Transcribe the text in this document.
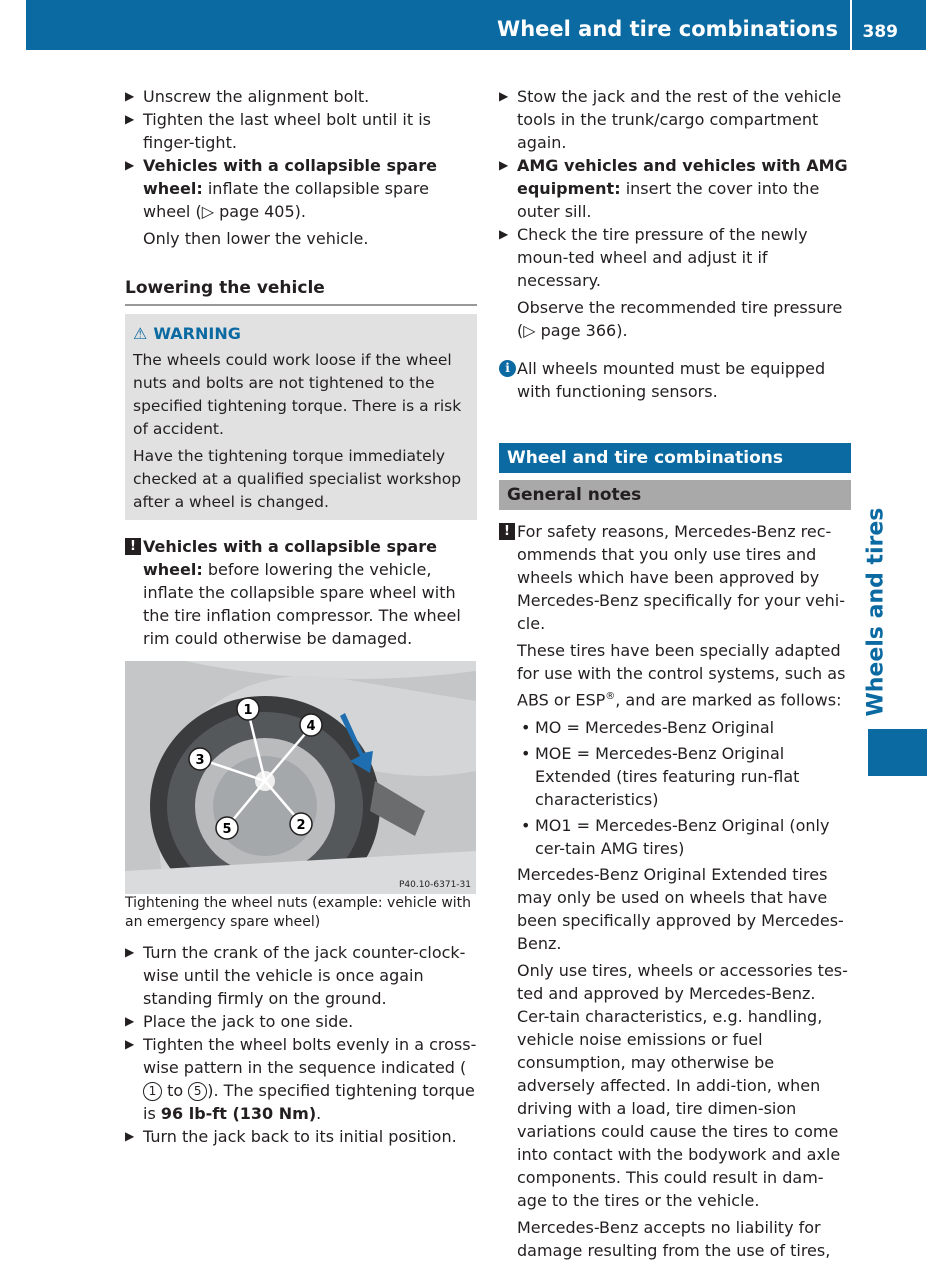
Wheel and tire combinations 389
Wheels and tires

▶ Unscrew the alignment bolt.

▶ Tighten the last wheel bolt until it is finger-tight.

▶ Vehicles with a collapsible spare wheel: inflate the collapsible spare wheel (▷ page 405).

Only then lower the vehicle.

Lowering the vehicle
⚠ WARNING

The wheels could work loose if the wheel nuts and bolts are not tightened to the specified tightening torque. There is a risk of accident.

Have the tightening torque immediately checked at a qualified specialist workshop after a wheel is changed.

! Vehicles with a collapsible spare wheel: before lowering the vehicle, inflate the collapsible spare wheel with the tire inflation compressor. The wheel rim could otherwise be damaged.
1
2
3
4
5
P40.10-6371-31

Tightening the wheel nuts (example: vehicle with an emergency spare wheel)

▶ Turn the crank of the jack counter-clock-wise until the vehicle is once again standing firmly on the ground.

▶ Place the jack to one side.

▶ Tighten the wheel bolts evenly in a cross-wise pattern in the sequence indicated (1 to 5 ). The specified tightening torque is 96 lb-ft (130 Nm).

▶ Turn the jack back to its initial position.

▶ Stow the jack and the rest of the vehicle tools in the trunk/cargo compartment again.

▶ AMG vehicles and vehicles with AMG equipment: insert the cover into the outer sill.

▶ Check the tire pressure of the newly moun-ted wheel and adjust it if necessary.

Observe the recommended tire pressure (▷ page 366).

i All wheels mounted must be equipped with functioning sensors.
Wheel and tire combinations
General notes
! For safety reasons, Mercedes-Benz rec-ommends that you only use tires and wheels which have been approved by Mercedes-Benz specifically for your vehi-cle.

These tires have been specially adapted for use with the control systems, such as ABS or ESP®, and are marked as follows:

• MO = Mercedes-Benz Original
• MOE = Mercedes-Benz Original Extended (tires featuring run-flat characteristics)
• MO1 = Mercedes-Benz Original (only cer-tain AMG tires)

Mercedes-Benz Original Extended tires may only be used on wheels that have been specifically approved by Mercedes-Benz.

Only use tires, wheels or accessories tes-ted and approved by Mercedes-Benz. Cer-tain characteristics, e.g. handling, vehicle noise emissions or fuel consumption, may otherwise be adversely affected. In addi-tion, when driving with a load, tire dimen-sion variations could cause the tires to come into contact with the bodywork and axle components. This could result in dam-age to the tires or the vehicle.

Mercedes-Benz accepts no liability for damage resulting from the use of tires,
